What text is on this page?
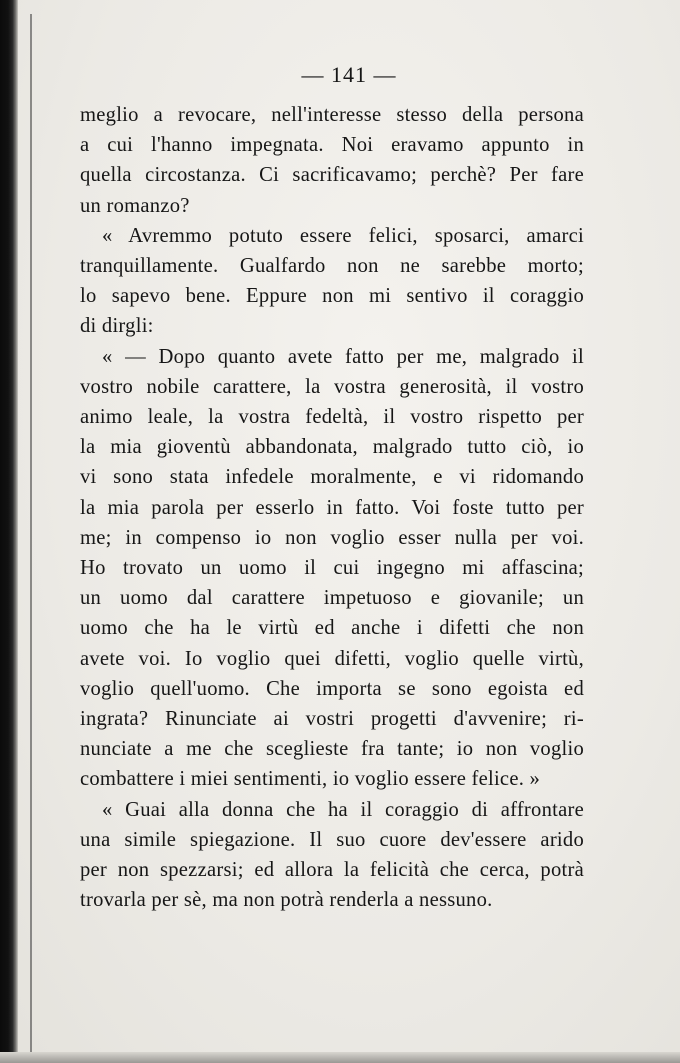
— 141 —
meglio a revocare, nell'interesse stesso della persona
a cui l'hanno impegnata. Noi eravamo appunto in
quella circostanza. Ci sacrificavamo; perchè? Per fare
un romanzo?
« Avremmo potuto essere felici, sposarci, amarci
tranquillamente. Gualfardo non ne sarebbe morto;
lo sapevo bene. Eppure non mi sentivo il coraggio
di dirgli:
« — Dopo quanto avete fatto per me, malgrado il
vostro nobile carattere, la vostra generosità, il vostro
animo leale, la vostra fedeltà, il vostro rispetto per
la mia gioventù abbandonata, malgrado tutto ciò, io
vi sono stata infedele moralmente, e vi ridomando
la mia parola per esserlo in fatto. Voi foste tutto per
me; in compenso io non voglio esser nulla per voi.
Ho trovato un uomo il cui ingegno mi affascina;
un uomo dal carattere impetuoso e giovanile; un
uomo che ha le virtù ed anche i difetti che non
avete voi. Io voglio quei difetti, voglio quelle virtù,
voglio quell'uomo. Che importa se sono egoista ed
ingrata? Rinunciate ai vostri progetti d'avvenire; ri-
nunciate a me che sceglieste fra tante; io non voglio
combattere i miei sentimenti, io voglio essere felice. »
« Guai alla donna che ha il coraggio di affrontare
una simile spiegazione. Il suo cuore dev'essere arido
per non spezzarsi; ed allora la felicità che cerca, potrà
trovarla per sè, ma non potrà renderla a nessuno.
